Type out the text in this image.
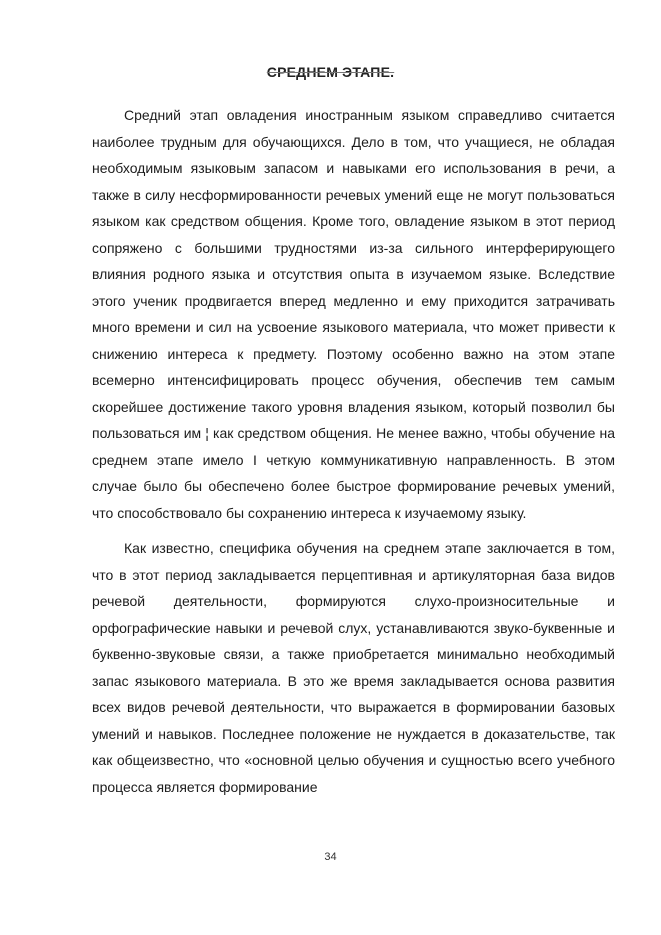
СРЕДНЕМ ЭТАПЕ.

Средний этап овладения иностранным языком справедливо считается наиболее трудным для обучающихся. Дело в том, что учащиеся, не обладая необходимым языковым запасом и навыками его использования в речи, а также в силу несформированности речевых умений еще не могут пользоваться языком как средством общения. Кроме того, овладение языком в этот период сопряжено с большими трудностями из-за сильного интерферирующего влияния родного языка и отсутствия опыта в изучаемом языке. Вследствие этого ученик продвигается вперед медленно и ему приходится затрачивать много времени и сил на усвоение языкового материала, что может привести к снижению интереса к предмету. Поэтому особенно важно на этом этапе всемерно интенсифицировать процесс обучения, обеспечив тем самым скорейшее достижение такого уровня владения языком, который позволил бы пользоваться им ¦ как средством общения. Не менее важно, чтобы обучение на среднем этапе имело I четкую коммуникативную направленность. В этом случае было бы обеспечено более быстрое формирование речевых умений, что способствовало бы сохранению интереса к изучаемому языку.

Как известно, специфика обучения на среднем этапе заключается в том, что в этот период закладывается перцептивная и артикуляторная база видов речевой деятельности, формируются слухо-произносительные и орфографические навыки и речевой слух, устанавливаются звуко-буквенные и буквенно-звуковые связи, а также приобретается минимально необходимый запас языкового материала. В это же время закладывается основа развития всех видов речевой деятельности, что выражается в формировании базовых умений и навыков. Последнее положение не нуждается в доказательстве, так как общеизвестно, что «основной целью обучения и сущностью всего учебного процесса является формирование

34
